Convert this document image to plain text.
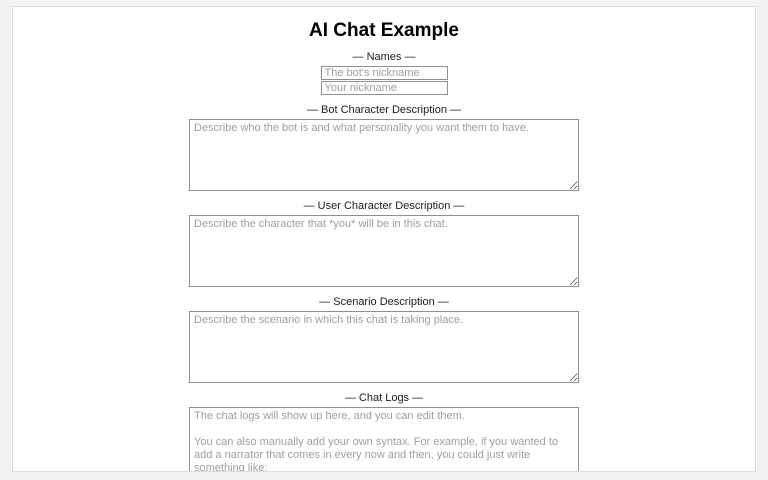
AI Chat Example
— Names —
The bot's nickname
Your nickname
— Bot Character Description —
Describe who the bot is and what personality you want them to have.
— User Character Description —
Describe the character that *you* will be in this chat.
— Scenario Description —
Describe the scenario in which this chat is taking place.
— Chat Logs —
The chat logs will show up here, and you can edit them. You can also manually add your own syntax. For example, if you wanted to add a narrator that comes in every now and then, you could just write something like: (Narrator: Later that day...) And you can of course use *asterisks* for actions, and stuff like that.
